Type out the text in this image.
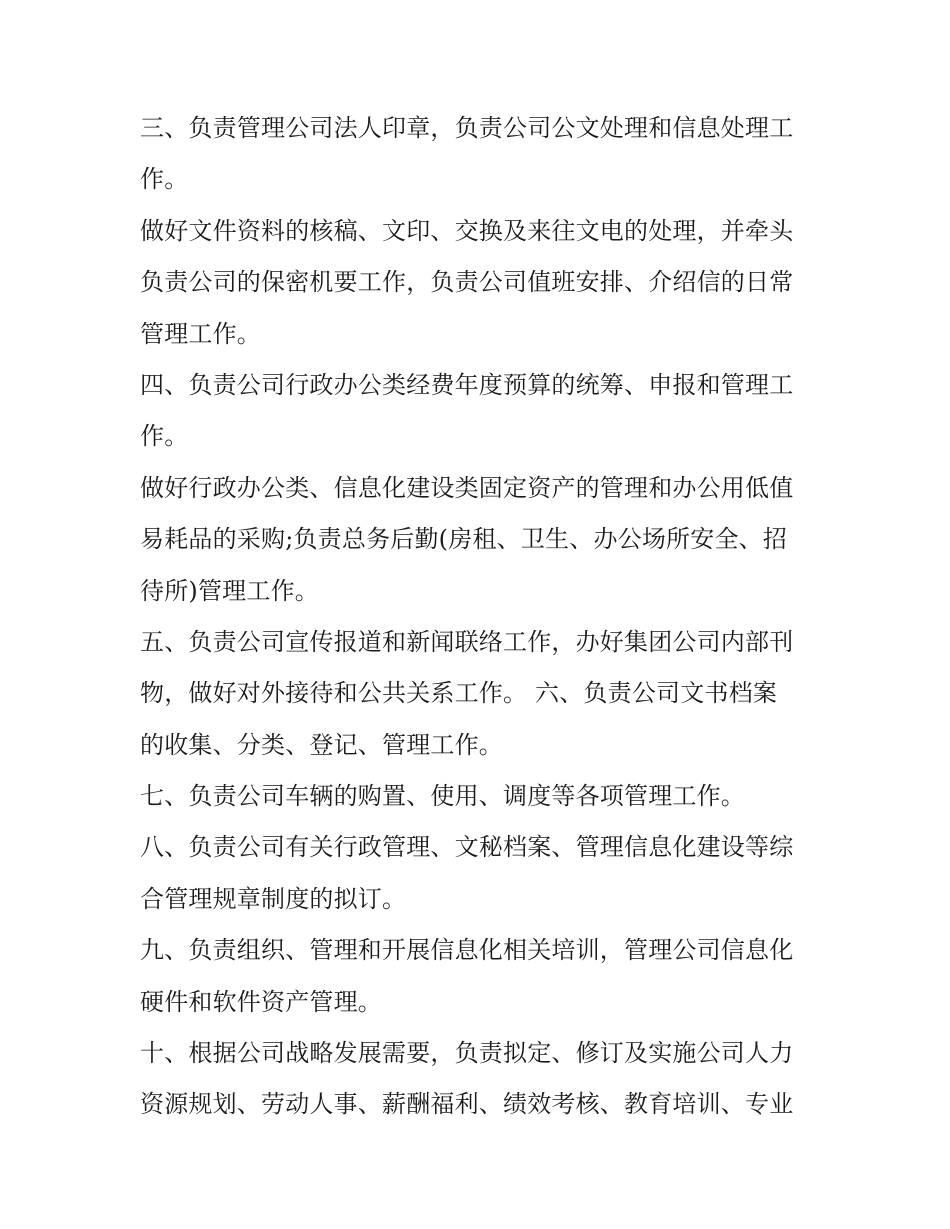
三、负责管理公司法人印章，负责公司公文处理和信息处理工
作。
做好文件资料的核稿、文印、交换及来往文电的处理，并牵头
负责公司的保密机要工作，负责公司值班安排、介绍信的日常
管理工作。
四、负责公司行政办公类经费年度预算的统筹、申报和管理工
作。
做好行政办公类、信息化建设类固定资产的管理和办公用低值
易耗品的采购;负责总务后勤(房租、卫生、办公场所安全、招
待所)管理工作。
五、负责公司宣传报道和新闻联络工作，办好集团公司内部刊
物，做好对外接待和公共关系工作。 六、负责公司文书档案
的收集、分类、登记、管理工作。
七、负责公司车辆的购置、使用、调度等各项管理工作。
八、负责公司有关行政管理、文秘档案、管理信息化建设等综
合管理规章制度的拟订。
九、负责组织、管理和开展信息化相关培训，管理公司信息化
硬件和软件资产管理。
十、根据公司战略发展需要，负责拟定、修订及实施公司人力
资源规划、劳动人事、薪酬福利、绩效考核、教育培训、专业
